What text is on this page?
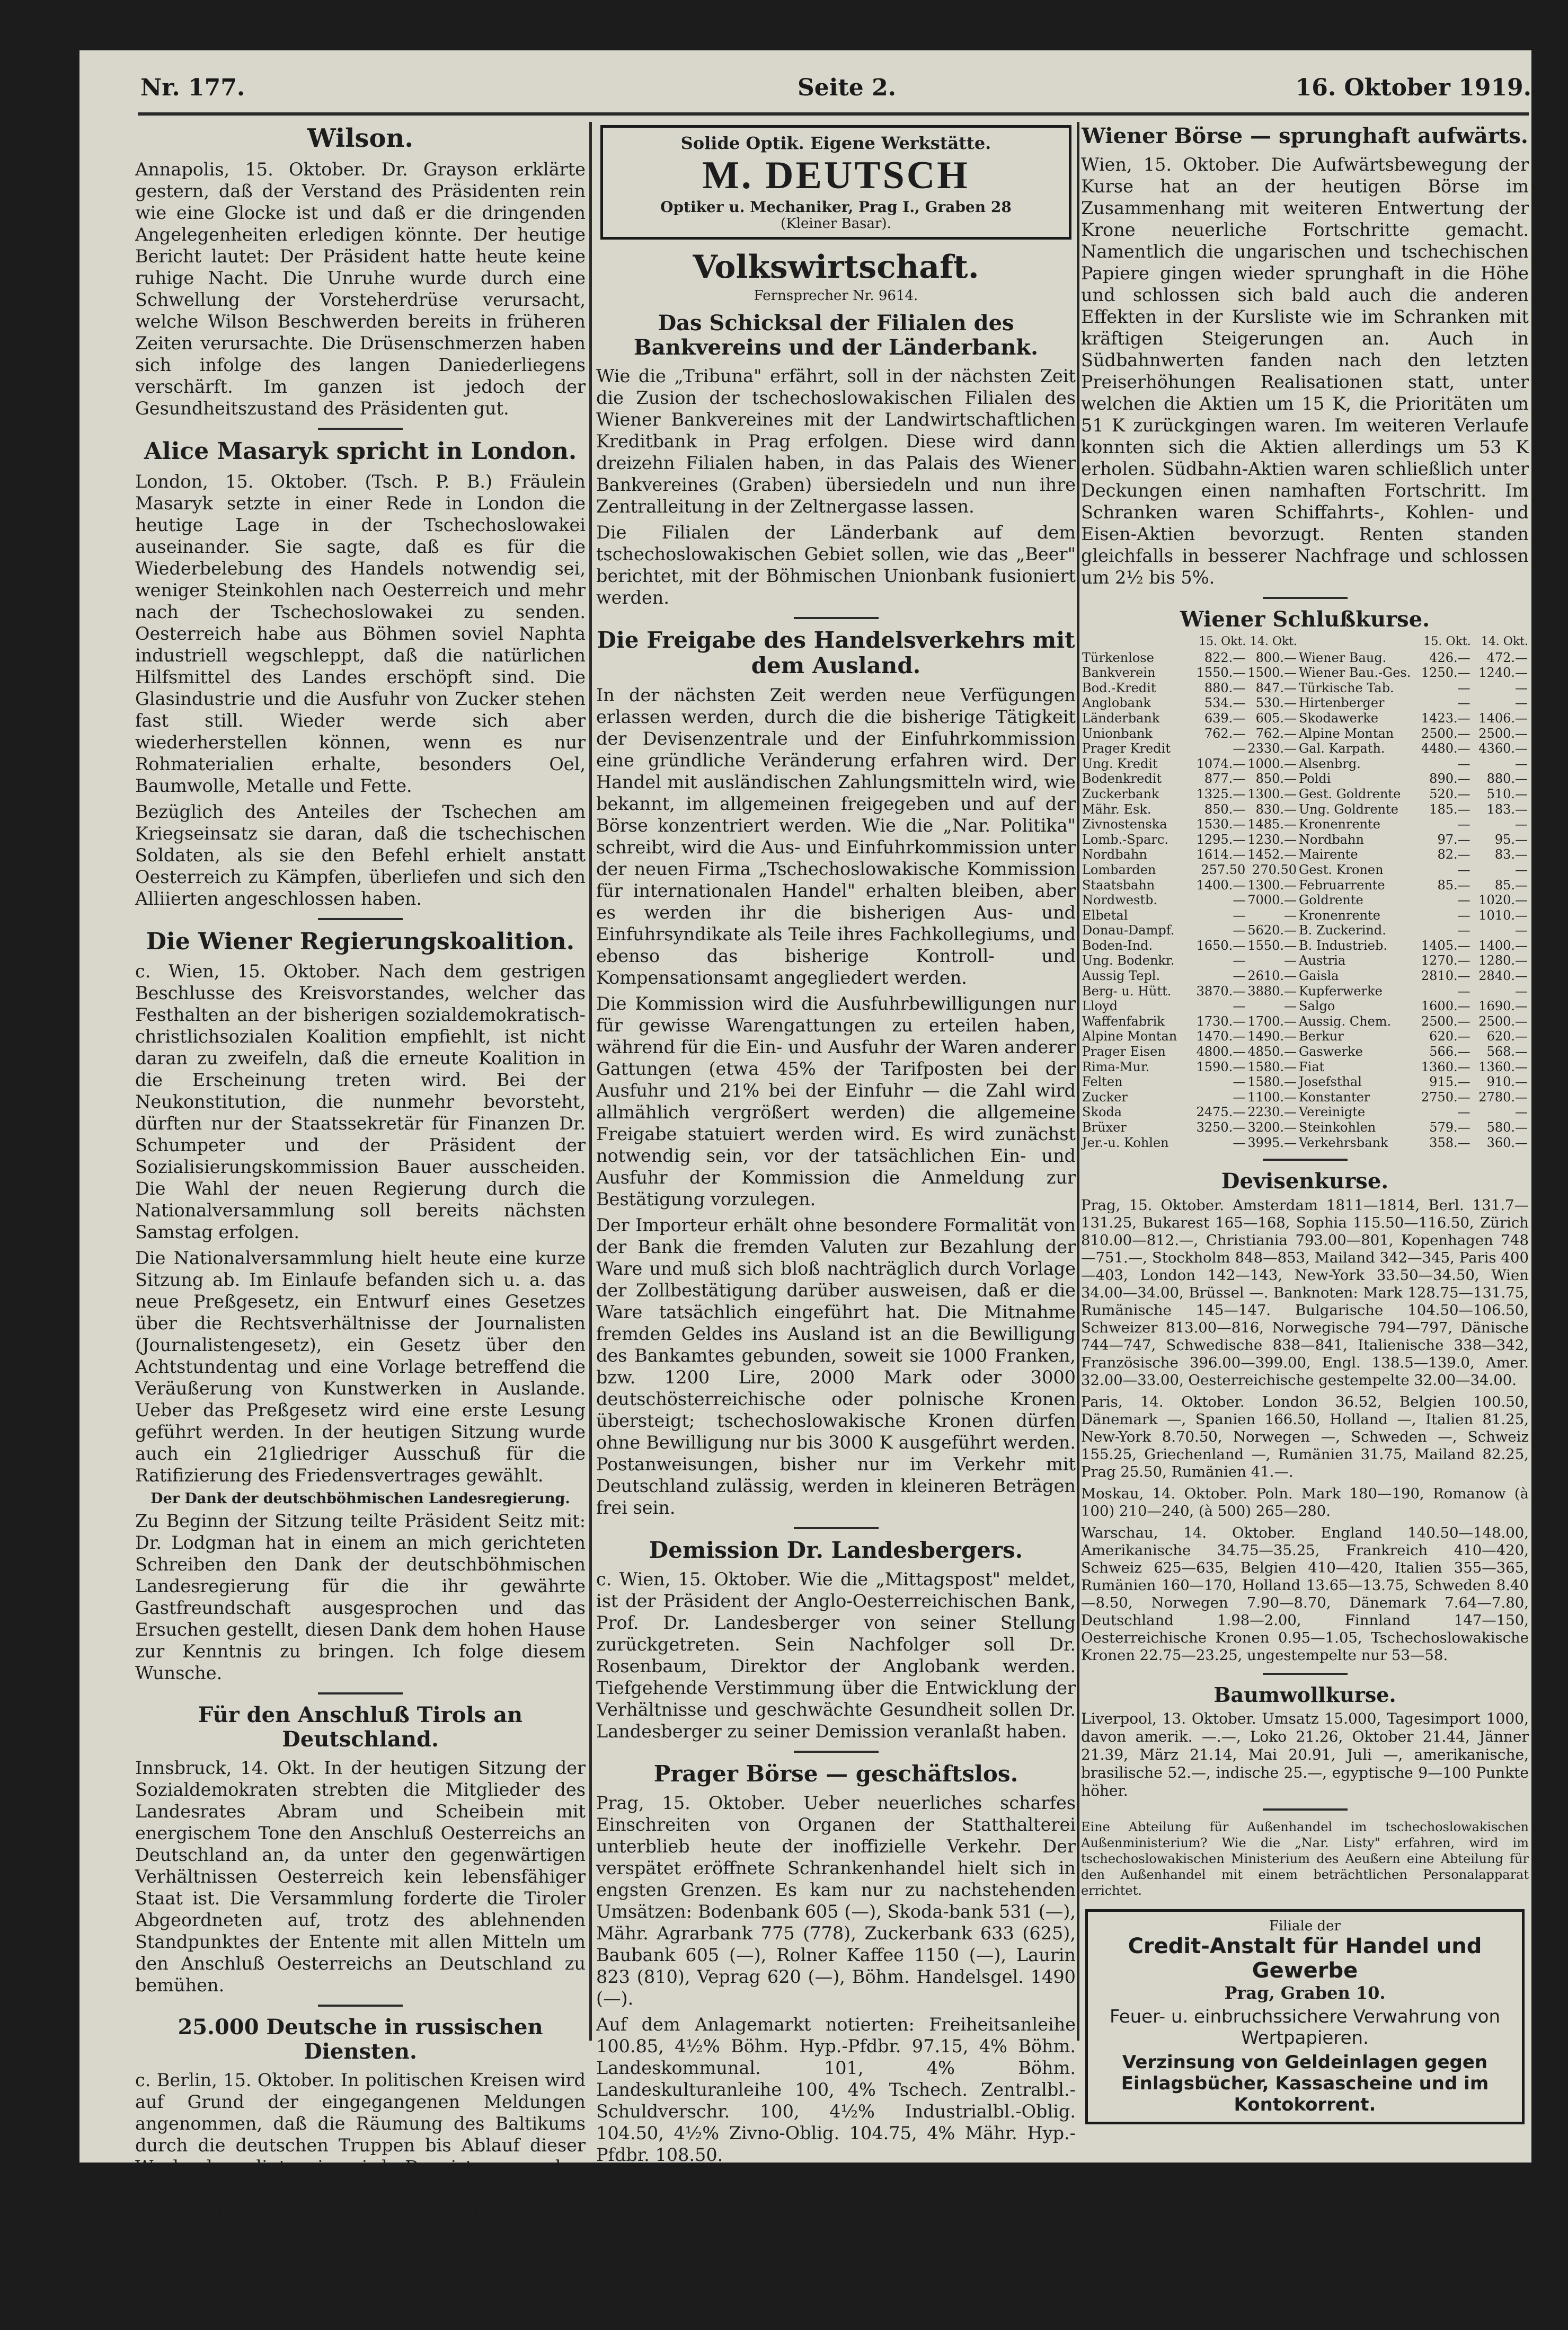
Nr. 177.	Seite 2.	16. Oktober 1919.
Wilson.

Annapolis, 15. Oktober. Dr. Grayson erklärte gestern, daß der Verstand des Präsidenten rein wie eine Glocke ist und daß er die dringenden Angelegenheiten erledigen könnte. Der heutige Bericht lautet: Der Präsident hatte heute keine ruhige Nacht. Die Unruhe wurde durch eine Schwellung der Vorsteherdrüse verursacht, welche Wilson Beschwerden bereits in früheren Zeiten verursachte. Die Drüsenschmerzen haben sich infolge des langen Daniederliegens verschärft. Im ganzen ist jedoch der Gesundheitszustand des Präsidenten gut.

Alice Masaryk spricht in London.

London, 15. Oktober. (Tsch. P. B.) Fräulein Masaryk setzte in einer Rede in London die heutige Lage in der Tschechoslowakei auseinander. Sie sagte, daß es für die Wiederbelebung des Handels notwendig sei, weniger Steinkohlen nach Oesterreich und mehr nach der Tschechoslowakei zu senden. Oesterreich habe aus Böhmen soviel Naphta industriell wegschleppt, daß die natürlichen Hilfsmittel des Landes erschöpft sind. Die Glasindustrie und die Ausfuhr von Zucker stehen fast still. Wieder werde sich aber wiederherstellen können, wenn es nur Rohmaterialien erhalte, besonders Oel, Baumwolle, Metalle und Fette.

Bezüglich des Anteiles der Tschechen am Kriegseinsatz sie daran, daß die tschechischen Soldaten, als sie den Befehl erhielt anstatt Oesterreich zu Kämpfen, überliefen und sich den Alliierten angeschlossen haben.

Die Wiener Regierungskoalition.

c. Wien, 15. Oktober. Nach dem gestrigen Beschlusse des Kreisvorstandes, welcher das Festhalten an der bisherigen sozialdemokratisch-christlichsozialen Koalition empfiehlt, ist nicht daran zu zweifeln, daß die erneute Koalition in die Erscheinung treten wird. Bei der Neukonstitution, die nunmehr bevorsteht, dürften nur der Staatssekretär für Finanzen Dr. Schumpeter und der Präsident der Sozialisierungskommission Bauer ausscheiden. Die Wahl der neuen Regierung durch die Nationalversammlung soll bereits nächsten Samstag erfolgen.

Die Nationalversammlung hielt heute eine kurze Sitzung ab. Im Einlaufe befanden sich u. a. das neue Preßgesetz, ein Entwurf eines Gesetzes über die Rechtsverhältnisse der Journalisten (Journalistengesetz), ein Gesetz über den Achtstundentag und eine Vorlage betreffend die Veräußerung von Kunstwerken in Auslande. Ueber das Preßgesetz wird eine erste Lesung geführt werden. In der heutigen Sitzung wurde auch ein 21gliedriger Ausschuß für die Ratifizierung des Friedensvertrages gewählt.

Der Dank der deutschböhmischen Landesregierung.

Zu Beginn der Sitzung teilte Präsident Seitz mit: Dr. Lodgman hat in einem an mich gerichteten Schreiben den Dank der deutschböhmischen Landesregierung für die ihr gewährte Gastfreundschaft ausgesprochen und das Ersuchen gestellt, diesen Dank dem hohen Hause zur Kenntnis zu bringen. Ich folge diesem Wunsche.

Für den Anschluß Tirols an Deutschland.

Innsbruck, 14. Okt. In der heutigen Sitzung der Sozialdemokraten strebten die Mitglieder des Landesrates Abram und Scheibein mit energischem Tone den Anschluß Oesterreichs an Deutschland an, da unter den gegenwärtigen Verhältnissen Oesterreich kein lebensfähiger Staat ist. Die Versammlung forderte die Tiroler Abgeordneten auf, trotz des ablehnenden Standpunktes der Entente mit allen Mitteln um den Anschluß Oesterreichs an Deutschland zu bemühen.

25.000 Deutsche in russischen Diensten.

c. Berlin, 15. Oktober. In politischen Kreisen wird auf Grund der eingegangenen Meldungen angenommen, daß die Räumung des Baltikums durch die deutschen Truppen bis Ablauf dieser Woche beendigt sein wird. Das ist umso eher anzunehmen, als die Zahl der Truppen, die dem Befehle der Regierung Folge leisteten, nur ein Drittel des Gesamtbestandes der baltischen Armee ausmachen. Zwei Drittel, etwa 25.000 Mann, sind in russische Dienste übergetreten und haben sich damit dem Einfluß der Reichsregierung entzogen.

Solide Optik. Eigene Werkstätte.
M. DEUTSCH
Optiker u. Mechaniker, Prag I., Graben 28
(Kleiner Basar).
Volkswirtschaft.
Fernsprecher Nr. 9614.
Das Schicksal der Filialen des Bankvereins und der Länderbank.

Wie die „Tribuna" erfährt, soll in der nächsten Zeit die Zusion der tschechoslowakischen Filialen des Wiener Bankvereines mit der Landwirtschaftlichen Kreditbank in Prag erfolgen. Diese wird dann dreizehn Filialen haben, in das Palais des Wiener Bankvereines (Graben) übersiedeln und nun ihre Zentralleitung in der Zeltnergasse lassen.

Die Filialen der Länderbank auf dem tschechoslowakischen Gebiet sollen, wie das „Beer" berichtet, mit der Böhmischen Unionbank fusioniert werden.

Die Freigabe des Handelsverkehrs mit dem Ausland.

In der nächsten Zeit werden neue Verfügungen erlassen werden, durch die die bisherige Tätigkeit der Devisenzentrale und der Einfuhrkommission eine gründliche Veränderung erfahren wird. Der Handel mit ausländischen Zahlungsmitteln wird, wie bekannt, im allgemeinen freigegeben und auf der Börse konzentriert werden. Wie die „Nar. Politika" schreibt, wird die Aus- und Einfuhrkommission unter der neuen Firma „Tschechoslowakische Kommission für internationalen Handel" erhalten bleiben, aber es werden ihr die bisherigen Aus- und Einfuhrsyndikate als Teile ihres Fachkollegiums, und ebenso das bisherige Kontroll- und Kompensationsamt angegliedert werden.

Die Kommission wird die Ausfuhrbewilligungen nur für gewisse Warengattungen zu erteilen haben, während für die Ein- und Ausfuhr der Waren anderer Gattungen (etwa 45% der Tarifposten bei der Ausfuhr und 21% bei der Einfuhr — die Zahl wird allmählich vergrößert werden) die allgemeine Freigabe statuiert werden wird. Es wird zunächst notwendig sein, vor der tatsächlichen Ein- und Ausfuhr der Kommission die Anmeldung zur Bestätigung vorzulegen.

Der Importeur erhält ohne besondere Formalität von der Bank die fremden Valuten zur Bezahlung der Ware und muß sich bloß nachträglich durch Vorlage der Zollbestätigung darüber ausweisen, daß er die Ware tatsächlich eingeführt hat. Die Mitnahme fremden Geldes ins Ausland ist an die Bewilligung des Bankamtes gebunden, soweit sie 1000 Franken, bzw. 1200 Lire, 2000 Mark oder 3000 deutschösterreichische oder polnische Kronen übersteigt; tschechoslowakische Kronen dürfen ohne Bewilligung nur bis 3000 K ausgeführt werden. Postanweisungen, bisher nur im Verkehr mit Deutschland zulässig, werden in kleineren Beträgen frei sein.

Demission Dr. Landesbergers.

c. Wien, 15. Oktober. Wie die „Mittagspost" meldet, ist der Präsident der Anglo-Oesterreichischen Bank, Prof. Dr. Landesberger von seiner Stellung zurückgetreten. Sein Nachfolger soll Dr. Rosenbaum, Direktor der Anglobank werden. Tiefgehende Verstimmung über die Entwicklung der Verhältnisse und geschwächte Gesundheit sollen Dr. Landesberger zu seiner Demission veranlaßt haben.

Prager Börse — geschäftslos.

Prag, 15. Oktober. Ueber neuerliches scharfes Einschreiten von Organen der Statthalterei unterblieb heute der inoffizielle Verkehr. Der verspätet eröffnete Schrankenhandel hielt sich in engsten Grenzen. Es kam nur zu nachstehenden Umsätzen: Bodenbank 605 (—), Skoda-bank 531 (—), Mähr. Agrarbank 775 (778), Zuckerbank 633 (625), Baubank 605 (—), Rolner Kaffee 1150 (—), Laurin 823 (810), Veprag 620 (—), Böhm. Handelsgel. 1490 (—).

Auf dem Anlagemarkt notierten: Freiheitsanleihe 100.85, 4½% Böhm. Hyp.-Pfdbr. 97.15, 4% Böhm. Landeskommunal. 101, 4% Böhm. Landeskulturanleihe 100, 4% Tschech. Zentralbl.-Schuldverschr. 100, 4½% Industrialbl.-Oblig. 104.50, 4½% Zivno-Oblig. 104.75, 4% Mähr. Hyp.-Pfdbr. 108.50.

Wiener Börse — sprunghaft aufwärts.

Wien, 15. Oktober. Die Aufwärtsbewegung der Kurse hat an der heutigen Börse im Zusammenhang mit weiteren Entwertung der Krone neuerliche Fortschritte gemacht. Namentlich die ungarischen und tschechischen Papiere gingen wieder sprunghaft in die Höhe und schlossen sich bald auch die anderen Effekten in der Kursliste wie im Schranken mit kräftigen Steigerungen an. Auch in Südbahnwerten fanden nach den letzten Preiserhöhungen Realisationen statt, unter welchen die Aktien um 15 K, die Prioritäten um 51 K zurückgingen waren. Im weiteren Verlaufe konnten sich die Aktien allerdings um 53 K erholen. Südbahn-Aktien waren schließlich unter Deckungen einen namhaften Fortschritt. Im Schranken waren Schiffahrts-, Kohlen- und Eisen-Aktien bevorzugt. Renten standen gleichfalls in besserer Nachfrage und schlossen um 2½ bis 5%.

Wiener Schlußkurse.
	15. Okt.	14. Okt.		15. Okt.	14. Okt.
Türkenlose	822.—	800.—	Wiener Baug.	426.—	472.—
Bankverein	1550.—	1500.—	Wiener Bau.-Ges.	1250.—	1240.—
Bod.-Kredit	880.—	847.—	Türkische Tab.	—	—
Anglobank	534.—	530.—	Hirtenberger	—	—
Länderbank	639.—	605.—	Skodawerke	1423.—	1406.—
Unionbank	762.—	762.—	Alpine Montan	2500.—	2500.—
Prager Kredit	—	2330.—	Gal. Karpath.	4480.—	4360.—
Ung. Kredit	1074.—	1000.—	Alsenbrg.	—	—
Bodenkredit	877.—	850.—	Poldi	890.—	880.—
Zuckerbank	1325.—	1300.—	Gest. Goldrente	520.—	510.—
Mähr. Esk.	850.—	830.—	Ung. Goldrente	185.—	183.—
Zivnostenska	1530.—	1485.—	Kronenrente	—	—
Lomb.-Sparc.	1295.—	1230.—	Nordbahn	97.—	95.—
Nordbahn	1614.—	1452.—	Mairente	82.—	83.—
Lombarden	257.50	270.50	Gest. Kronen	—	—
Staatsbahn	1400.—	1300.—	Februarrente	85.—	85.—
Nordwestb.	—	7000.—	Goldrente	—	1020.—
Elbetal	—	—	Kronenrente	—	1010.—
Donau-Dampf.	—	5620.—	B. Zuckerind.	—	—
Boden-Ind.	1650.—	1550.—	B. Industrieb.	1405.—	1400.—
Ung. Bodenkr.	—	—	Austria	1270.—	1280.—
Aussig Tepl.	—	2610.—	Gaisla	2810.—	2840.—
Berg- u. Hütt.	3870.—	3880.—	Kupferwerke	—	—
Lloyd	—	—	Salgo	1600.—	1690.—
Waffenfabrik	1730.—	1700.—	Aussig. Chem.	2500.—	2500.—
Alpine Montan	1470.—	1490.—	Berkur	620.—	620.—
Prager Eisen	4800.—	4850.—	Gaswerke	566.—	568.—
Rima-Mur.	1590.—	1580.—	Fiat	1360.—	1360.—
Felten	—	1580.—	Josefsthal	915.—	910.—
Zucker	—	1100.—	Konstanter	2750.—	2780.—
Skoda	2475.—	2230.—	Vereinigte	—	—
Brüxer	3250.—	3200.—	Steinkohlen	579.—	580.—
Jer.-u. Kohlen	—	3995.—	Verkehrsbank	358.—	360.—
Devisenkurse.

Prag, 15. Oktober. Amsterdam 1811—1814, Berl. 131.7—131.25, Bukarest 165—168, Sophia 115.50—116.50, Zürich 810.00—812.—, Christiania 793.00—801, Kopenhagen 748—751.—, Stockholm 848—853, Mailand 342—345, Paris 400—403, London 142—143, New-York 33.50—34.50, Wien 34.00—34.00, Brüssel —. Banknoten: Mark 128.75—131.75, Rumänische 145—147. Bulgarische 104.50—106.50, Schweizer 813.00—816, Norwegische 794—797, Dänische 744—747, Schwedische 838—841, Italienische 338—342, Französische 396.00—399.00, Engl. 138.5—139.0, Amer. 32.00—33.00, Oesterreichische gestempelte 32.00—34.00.

Paris, 14. Oktober. London 36.52, Belgien 100.50, Dänemark —, Spanien 166.50, Holland —, Italien 81.25, New-York 8.70.50, Norwegen —, Schweden —, Schweiz 155.25, Griechenland —, Rumänien 31.75, Mailand 82.25, Prag 25.50, Rumänien 41.—.

Moskau, 14. Oktober. Poln. Mark 180—190, Romanow (à 100) 210—240, (à 500) 265—280.

Warschau, 14. Oktober. England 140.50—148.00, Amerikanische 34.75—35.25, Frankreich 410—420, Schweiz 625—635, Belgien 410—420, Italien 355—365, Rumänien 160—170, Holland 13.65—13.75, Schweden 8.40—8.50, Norwegen 7.90—8.70, Dänemark 7.64—7.80, Deutschland 1.98—2.00, Finnland 147—150, Oesterreichische Kronen 0.95—1.05, Tschechoslowakische Kronen 22.75—23.25, ungestempelte nur 53—58.

Baumwollkurse.

Liverpool, 13. Oktober. Umsatz 15.000, Tagesimport 1000, davon amerik. —.—, Loko 21.26, Oktober 21.44, Jänner 21.39, März 21.14, Mai 20.91, Juli —, amerikanische, brasilische 52.—, indische 25.—, egyptische 9—100 Punkte höher.

Eine Abteilung für Außenhandel im tschechoslowakischen Außenministerium? Wie die „Nar. Listy" erfahren, wird im tschechoslowakischen Ministerium des Aeußern eine Abteilung für den Außenhandel mit einem beträchtlichen Personalapparat errichtet.

Filiale der
Credit-Anstalt für Handel und Gewerbe
Prag, Graben 10.
Feuer- u. einbruchssichere Verwahrung von Wertpapieren.
Verzinsung von Geldeinlagen gegen Einlagsbücher, Kassascheine und im Kontokorrent.
